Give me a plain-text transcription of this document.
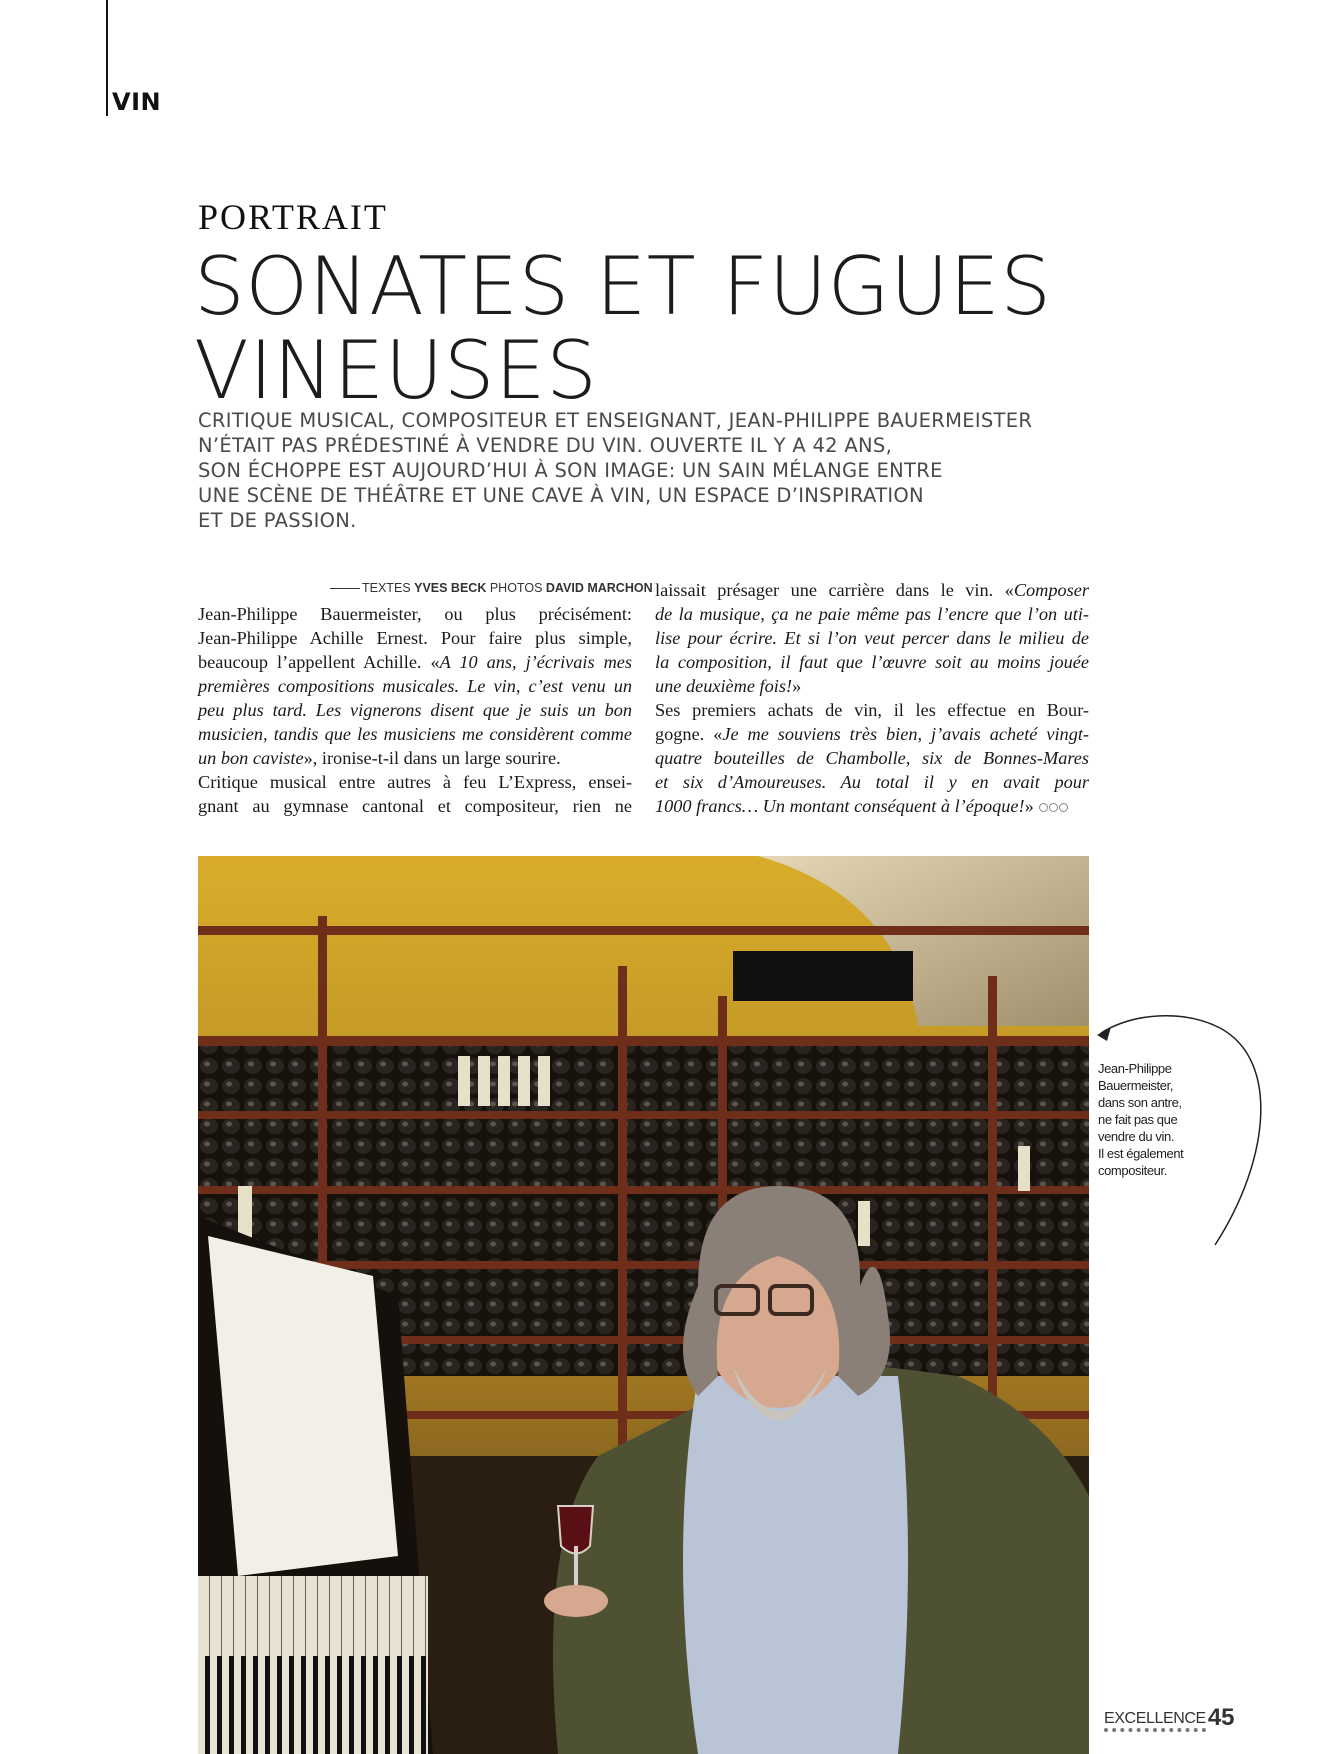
VIN
PORTRAIT
SONATES ET FUGUES VINEUSES
CRITIQUE MUSICAL, COMPOSITEUR ET ENSEIGNANT, JEAN-PHILIPPE BAUERMEISTER
N’ÉTAIT PAS PRÉDESTINÉ À VENDRE DU VIN. OUVERTE IL Y A 42 ANS,
SON ÉCHOPPE EST AUJOURD’HUI À SON IMAGE: UN SAIN MÉLANGE ENTRE
UNE SCÈNE DE THÉÂTRE ET UNE CAVE À VIN, UN ESPACE D’INSPIRATION
ET DE PASSION.
TEXTES YVES BECK PHOTOS DAVID MARCHON
Jean-Philippe Bauermeister, ou plus précisément:
Jean-Philippe Achille Ernest. Pour faire plus simple,
beaucoup l’appellent Achille. «A 10 ans, j’écrivais mes
premières compositions musicales. Le vin, c’est venu un
peu plus tard. Les vignerons disent que je suis un bon
musicien, tandis que les musiciens me considèrent comme
un bon caviste», ironise-t-il dans un large sourire.
Critique musical entre autres à feu L’Express, ensei-
gnant au gymnase cantonal et compositeur, rien ne
laissait présager une carrière dans le vin. «Composer
de la musique, ça ne paie même pas l’encre que l’on uti-
lise pour écrire. Et si l’on veut percer dans le milieu de
la composition, il faut que l’œuvre soit au moins jouée
une deuxième fois!»
Ses premiers achats de vin, il les effectue en Bour-
gogne. «Je me souviens très bien, j’avais acheté vingt-
quatre bouteilles de Chambolle, six de Bonnes-Mares
et six d’Amoureuses. Au total il y en avait pour
1000 francs… Un montant conséquent à l’époque!»
Jean-Philippe
Bauermeister,
dans son antre,
ne fait pas que
vendre du vin.
Il est également
compositeur.
EXCELLENCE45
